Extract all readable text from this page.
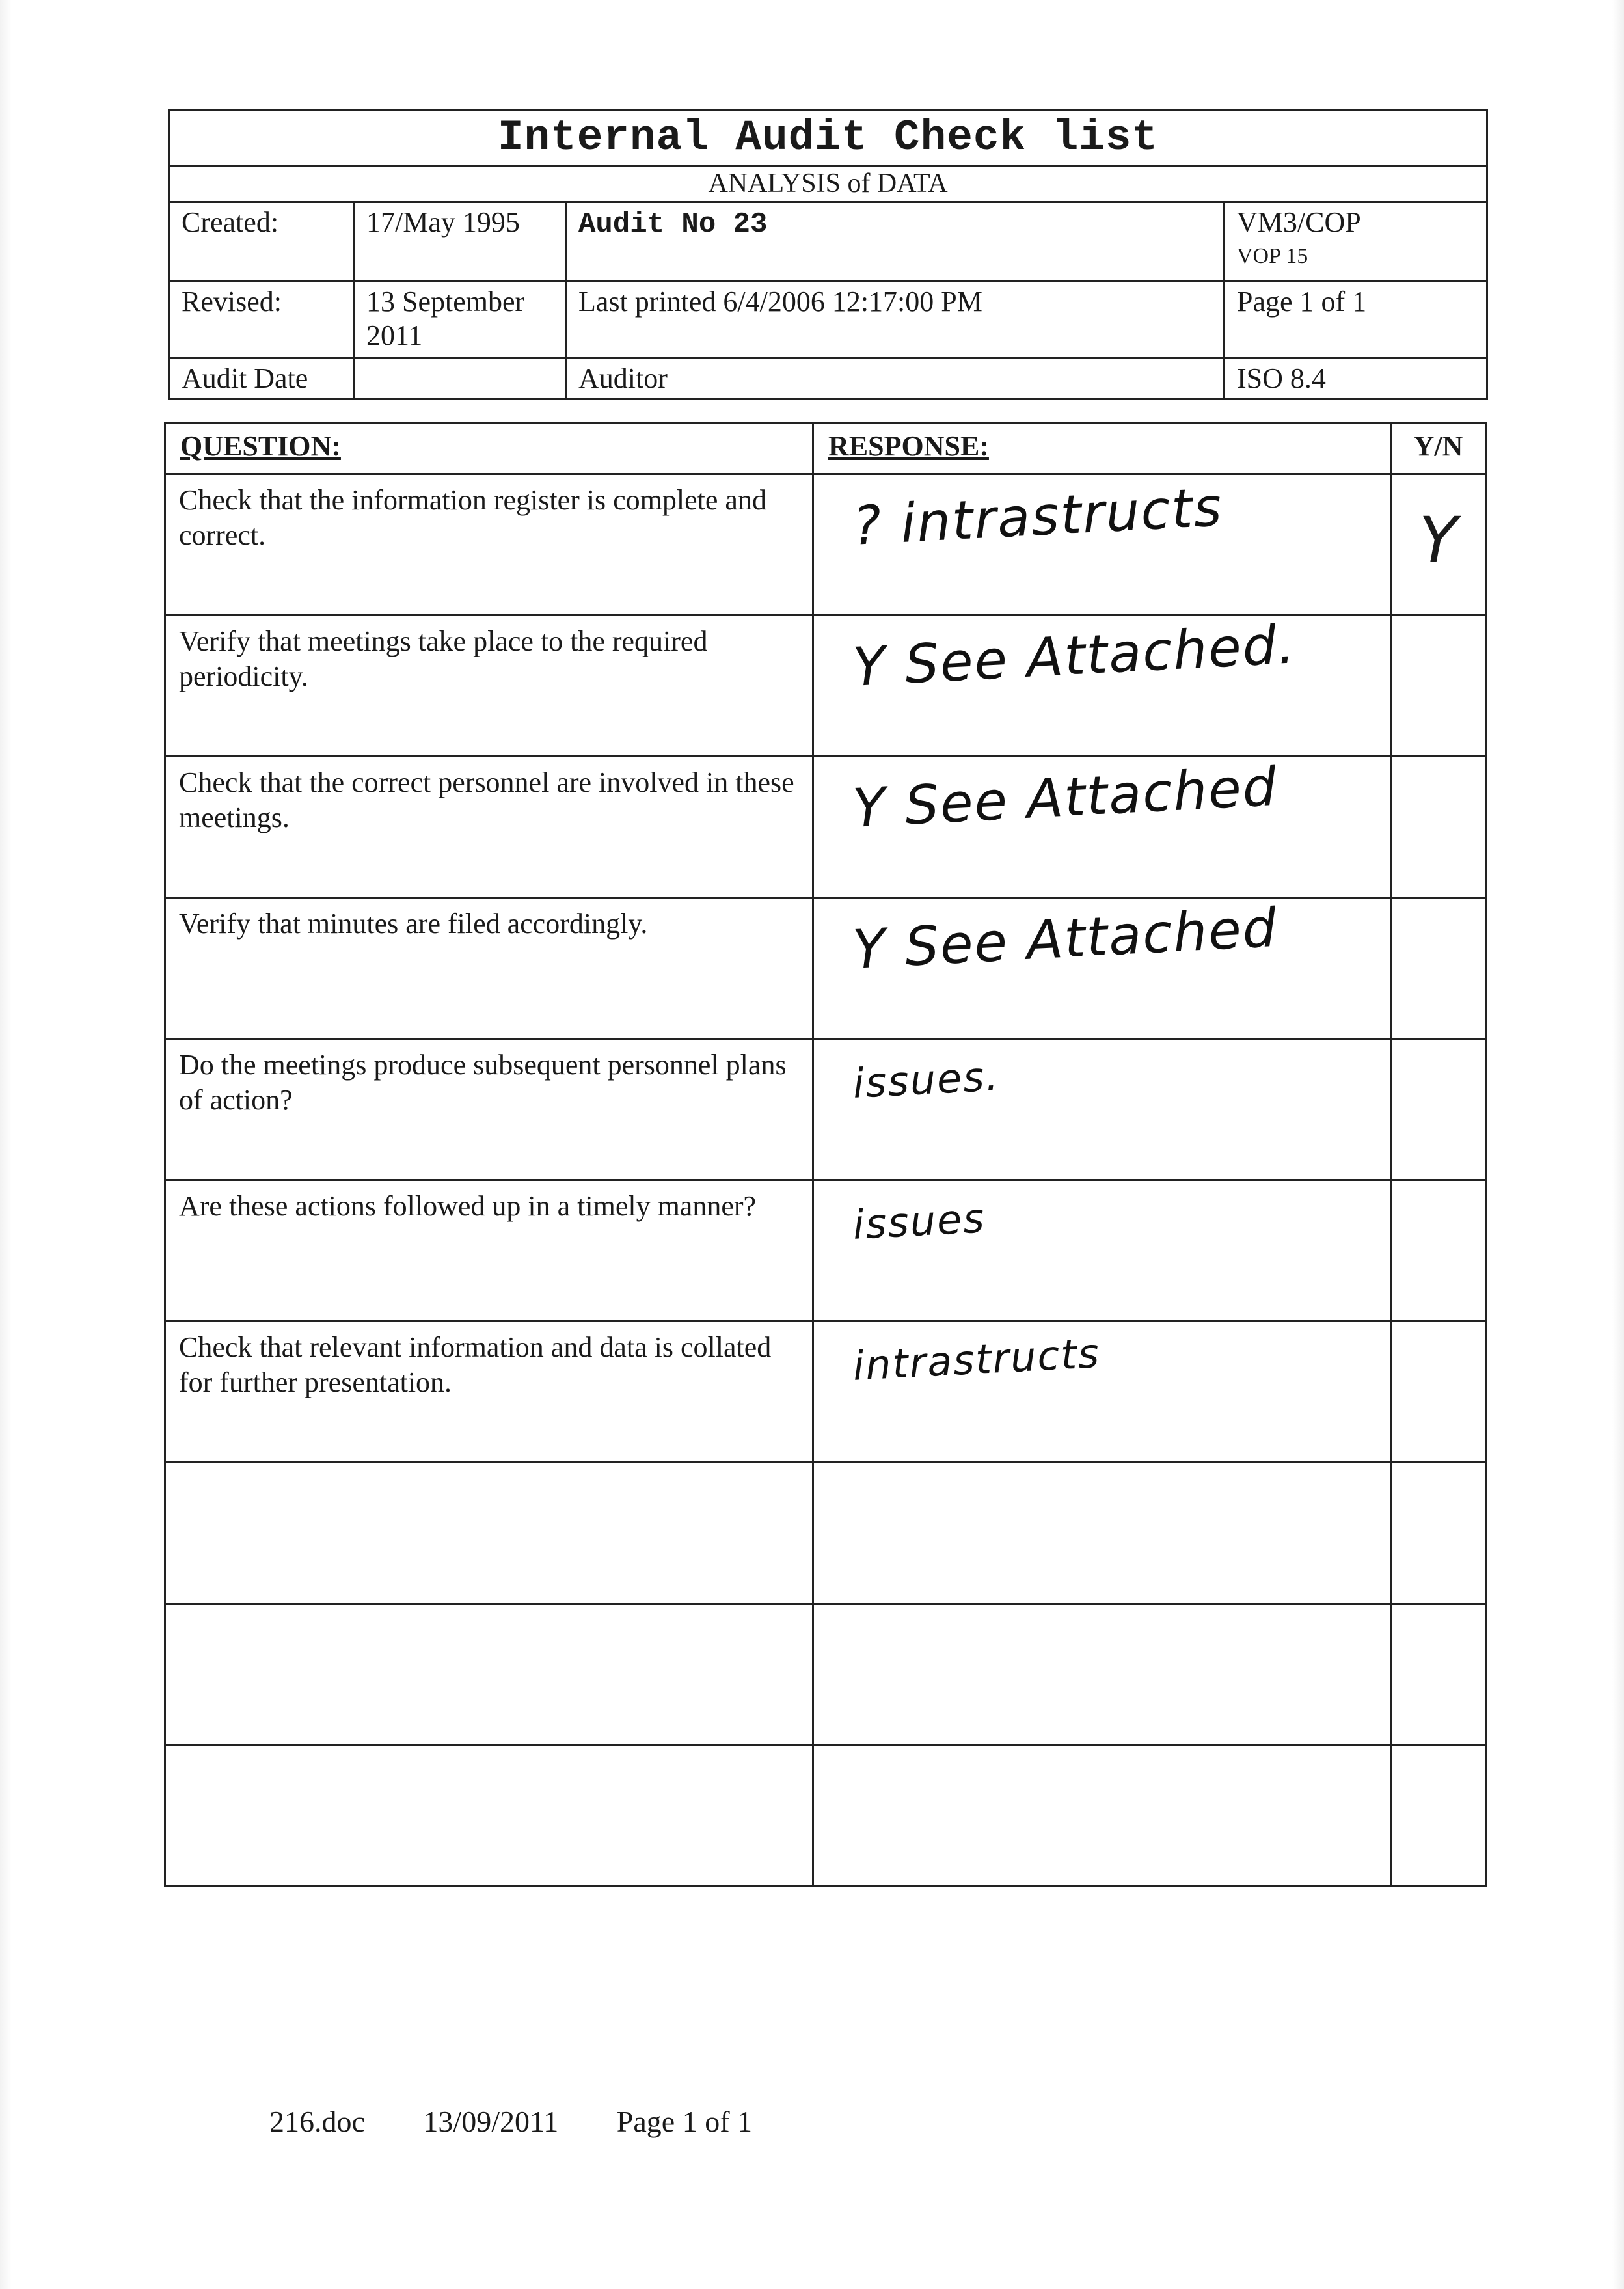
Internal Audit Check list			
ANALYSIS of DATA			
Created:	17/May 1995	Audit No 23	VM3/COP
VOP 15

Revised:	13 September 2011	Last printed 6/4/2006 12:17:00 PM	Page 1 of 1
Audit Date		Auditor	ISO 8.4
QUESTION:	RESPONSE:	Y/N
Check that the information register is complete and correct.	? intrastructs	Y

Verify that meetings take place to the required periodicity.	Y See Attached.	

Check that the correct personnel are involved in these meetings.	Y See Attached	

Verify that minutes are filed accordingly.	Y See Attached	

Do the meetings produce subsequent personnel plans of action?	issues.	

Are these actions followed up in a timely manner?	issues	

Check that relevant information and data is collated for further presentation.	intrastructs	

216.doc 13/09/2011 Page 1 of 1
